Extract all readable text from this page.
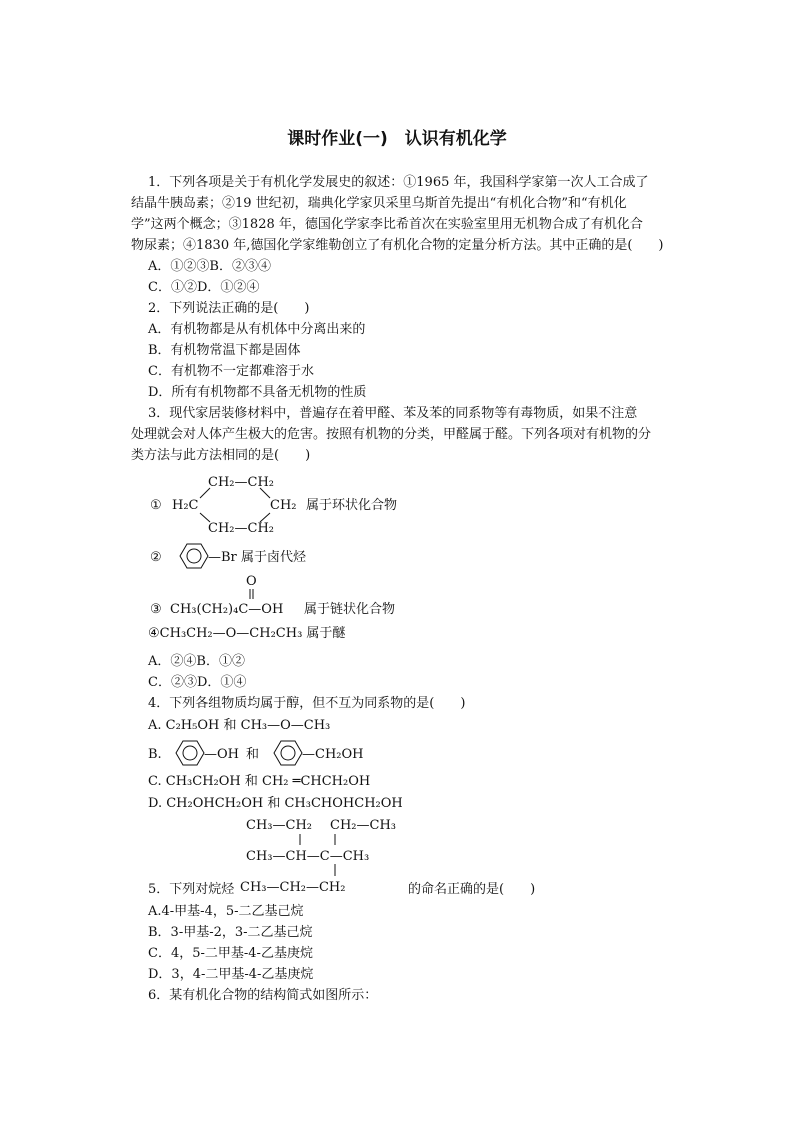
课时作业(一)　认识有机化学
1．下列各项是关于有机化学发展史的叙述：①1965 年，我国科学家第一次人工合成了
结晶牛胰岛素；②19 世纪初，瑞典化学家贝采里乌斯首先提出“有机化合物”和“有机化
学”这两个概念；③1828 年，德国化学家李比希首次在实验室里用无机物合成了有机化合
物尿素；④1830 年,德国化学家维勒创立了有机化合物的定量分析方法。其中正确的是(　　)
A．①②③B．②③④
C．①②D．①②④
2．下列说法正确的是(　　)
A．有机物都是从有机体中分离出来的
B．有机物常温下都是固体
C．有机物不一定都难溶于水
D．所有有机物都不具备无机物的性质
3．现代家居装修材料中，普遍存在着甲醛、苯及苯的同系物等有毒物质，如果不注意
处理就会对人体产生极大的危害。按照有机物的分类，甲醛属于醛。下列各项对有机物的分
类方法与此方法相同的是(　　)
①
CH₂—CH₂
H₂C	CH₂ 属于环状化合物
CH₂—CH₂
②	—Br 属于卤代烃
O
③ CH₃(CH₂)₄C—OH 属于链状化合物
④CH₃CH₂—O—CH₂CH₃ 属于醚
A．②④B．①②
C．②③D．①④
4．下列各组物质均属于醇，但不互为同系物的是(　　)
A. C₂H₅OH 和 CH₃—O—CH₃
B.	—OH 和	—CH₂OH
C. CH₃CH₂OH 和 CH₂ ═CHCH₂OH
D. CH₂OHCH₂OH 和 CH₃CHOHCH₂OH
CH₃—CH₂ CH₂—CH₃
CH₃—CH—C—CH₃
CH₃—CH₂—CH₂
5．下列对烷烃	的命名正确的是(　　)
A.4-甲基-4，5-二乙基己烷
B．3-甲基-2，3-二乙基己烷
C．4，5-二甲基-4-乙基庚烷
D．3，4-二甲基-4-乙基庚烷
6．某有机化合物的结构简式如图所示：
